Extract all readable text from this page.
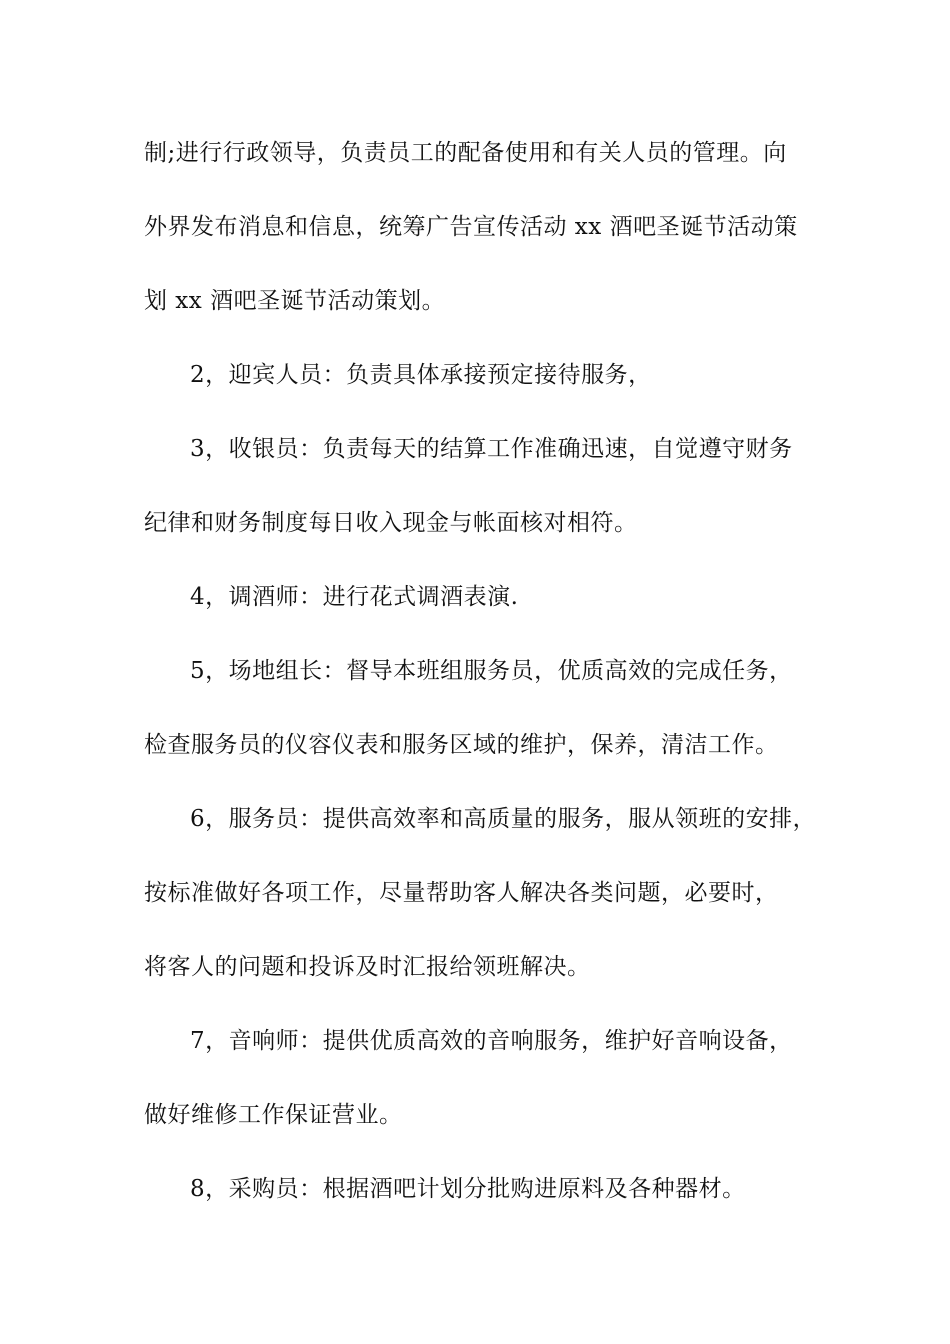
制;进行行政领导，负责员工的配备使用和有关人员的管理。向
外界发布消息和信息，统筹广告宣传活动 xx 酒吧圣诞节活动策
划 xx 酒吧圣诞节活动策划。
2，迎宾人员：负责具体承接预定接待服务，
3，收银员：负责每天的结算工作准确迅速，自觉遵守财务
纪律和财务制度每日收入现金与帐面核对相符。
4，调酒师：进行花式调酒表演.
5，场地组长：督导本班组服务员，优质高效的完成任务，
检查服务员的仪容仪表和服务区域的维护，保养，清洁工作。
6，服务员：提供高效率和高质量的服务，服从领班的安排，
按标准做好各项工作，尽量帮助客人解决各类问题，必要时，
将客人的问题和投诉及时汇报给领班解决。
7，音响师：提供优质高效的音响服务，维护好音响设备，
做好维修工作保证营业。
8，采购员：根据酒吧计划分批购进原料及各种器材。
